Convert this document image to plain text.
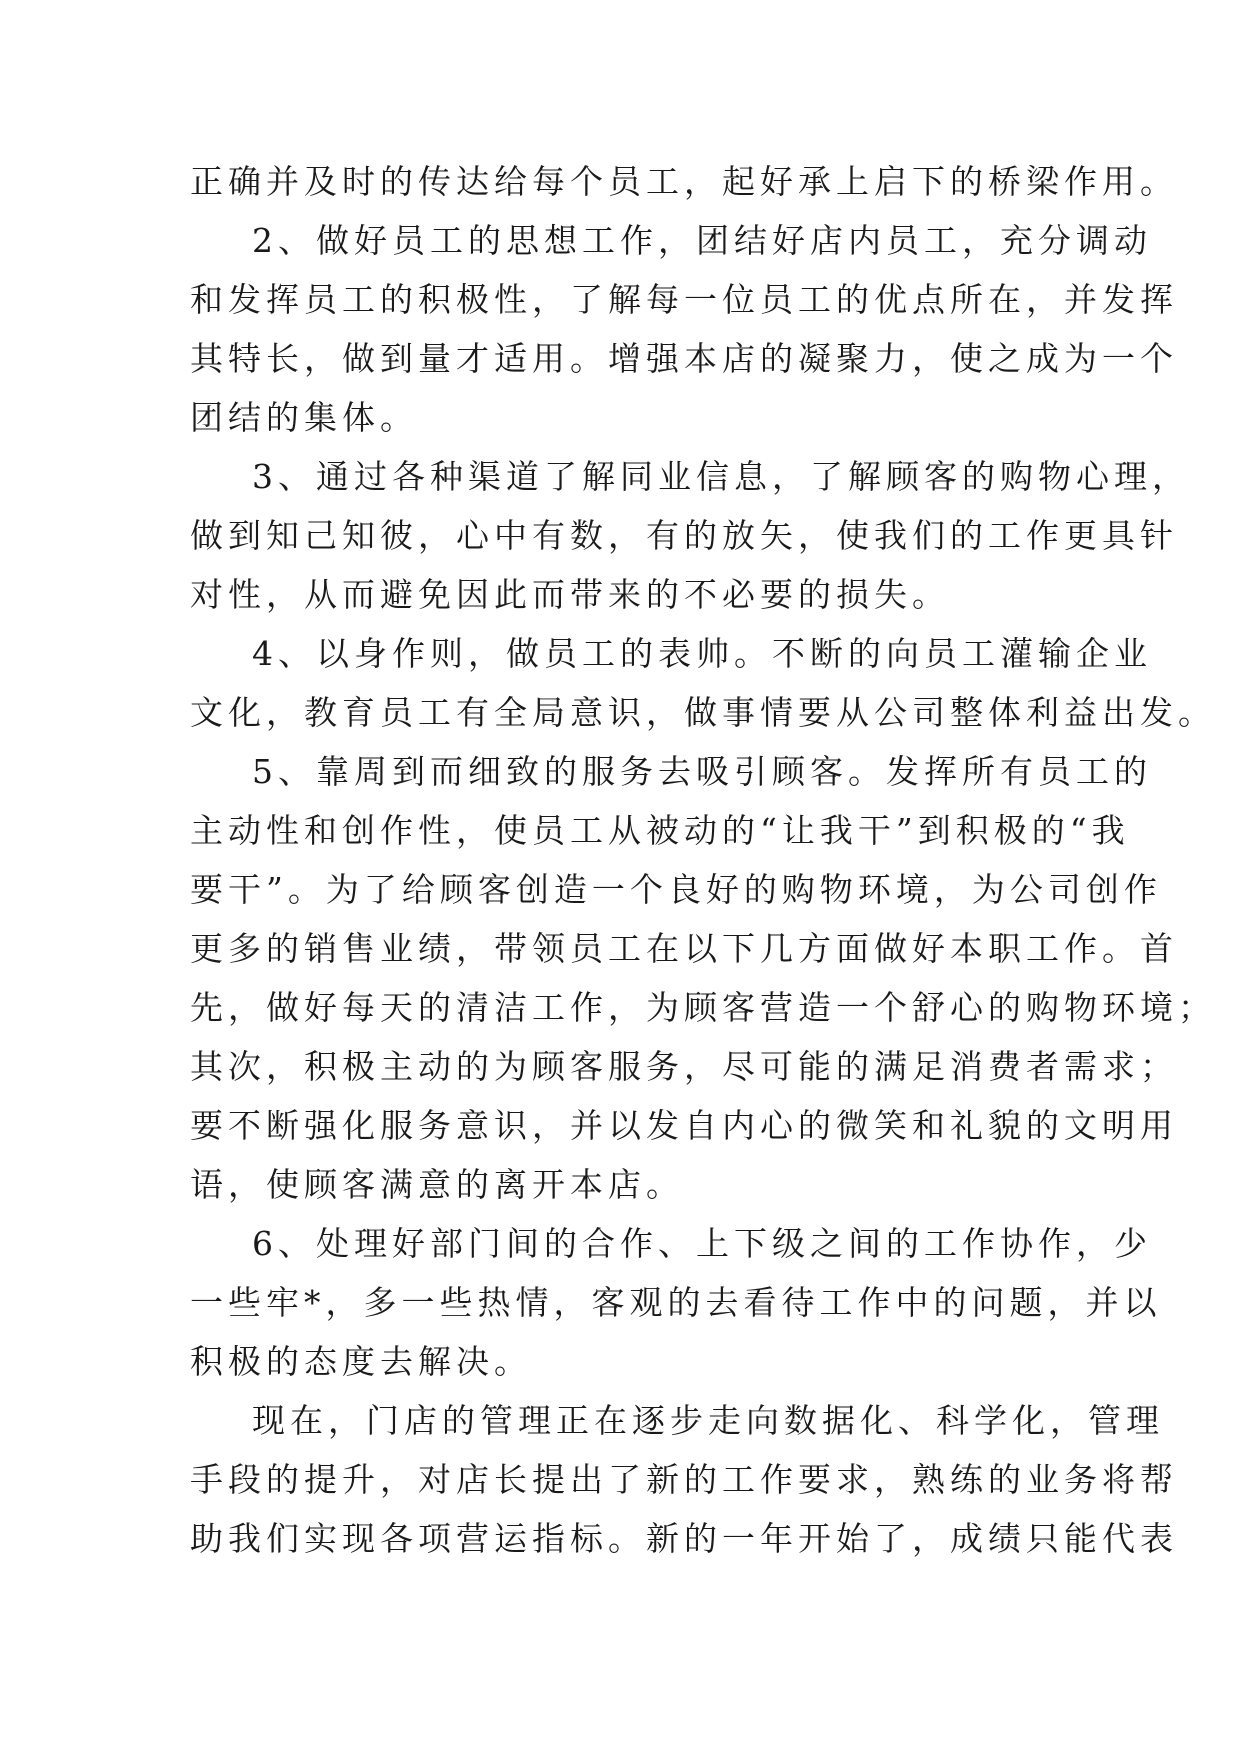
正确并及时的传达给每个员工，起好承上启下的桥梁作用。
2、做好员工的思想工作，团结好店内员工，充分调动
和发挥员工的积极性，了解每一位员工的优点所在，并发挥
其特长，做到量才适用。增强本店的凝聚力，使之成为一个
团结的集体。
3、通过各种渠道了解同业信息，了解顾客的购物心理，
做到知己知彼，心中有数，有的放矢，使我们的工作更具针
对性，从而避免因此而带来的不必要的损失。
4、以身作则，做员工的表帅。不断的向员工灌输企业
文化，教育员工有全局意识，做事情要从公司整体利益出发。
5、靠周到而细致的服务去吸引顾客。发挥所有员工的
主动性和创作性，使员工从被动的“让我干”到积极的“我
要干”。为了给顾客创造一个良好的购物环境，为公司创作
更多的销售业绩，带领员工在以下几方面做好本职工作。首
先，做好每天的清洁工作，为顾客营造一个舒心的购物环境；
其次，积极主动的为顾客服务，尽可能的满足消费者需求；
要不断强化服务意识，并以发自内心的微笑和礼貌的文明用
语，使顾客满意的离开本店。
6、处理好部门间的合作、上下级之间的工作协作，少
一些牢*，多一些热情，客观的去看待工作中的问题，并以
积极的态度去解决。
现在，门店的管理正在逐步走向数据化、科学化，管理
手段的提升，对店长提出了新的工作要求，熟练的业务将帮
助我们实现各项营运指标。新的一年开始了，成绩只能代表
